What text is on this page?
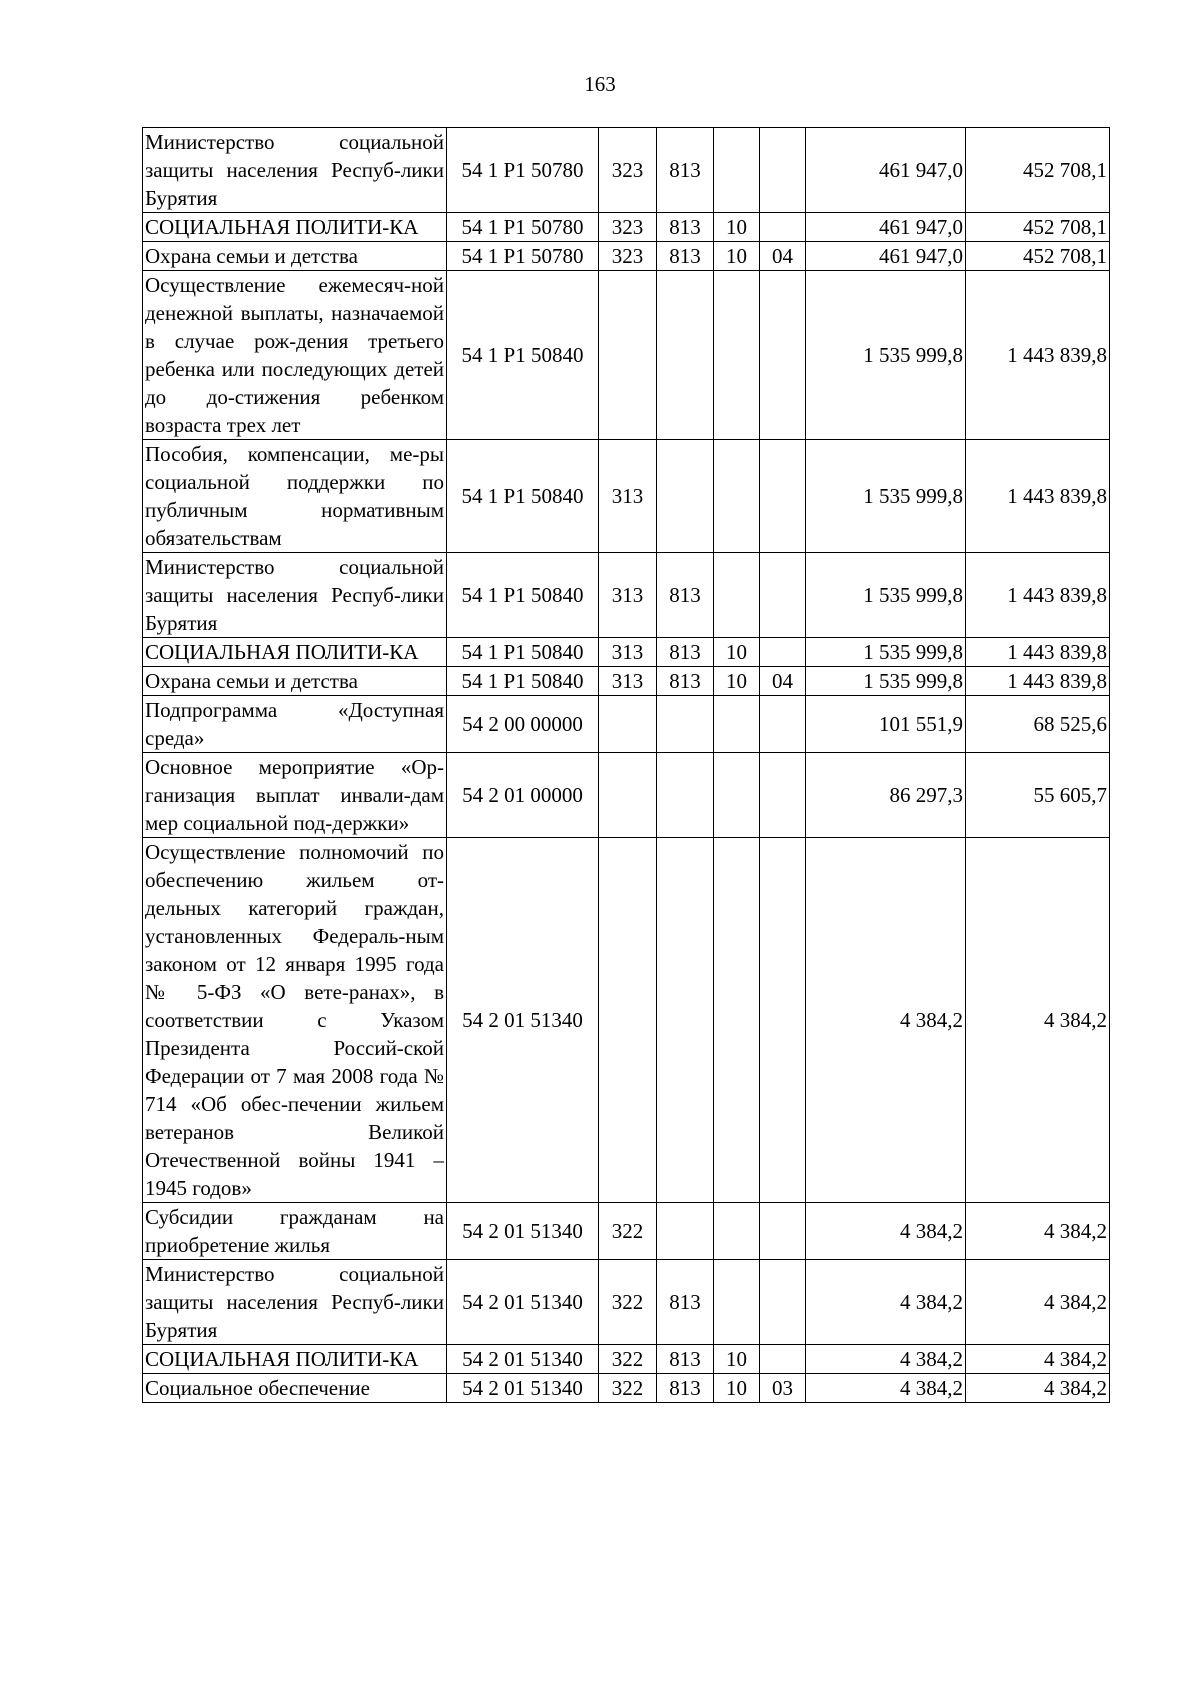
163
Министерство социальной защиты населения Респуб-лики Бурятия	54 1 P1 50780	323	813			461 947,0	452 708,1
СОЦИАЛЬНАЯ ПОЛИТИ-КА	54 1 P1 50780	323	813	10		461 947,0	452 708,1
Охрана семьи и детства	54 1 P1 50780	323	813	10	04	461 947,0	452 708,1
Осуществление ежемесяч-ной денежной выплаты, назначаемой в случае рож-дения третьего ребенка или последующих детей до до-стижения ребенком возраста трех лет	54 1 P1 50840					1 535 999,8	1 443 839,8
Пособия, компенсации, ме-ры социальной поддержки по публичным нормативным обязательствам	54 1 P1 50840	313				1 535 999,8	1 443 839,8
Министерство социальной защиты населения Респуб-лики Бурятия	54 1 P1 50840	313	813			1 535 999,8	1 443 839,8
СОЦИАЛЬНАЯ ПОЛИТИ-КА	54 1 P1 50840	313	813	10		1 535 999,8	1 443 839,8
Охрана семьи и детства	54 1 P1 50840	313	813	10	04	1 535 999,8	1 443 839,8
Подпрограмма «Доступная среда»	54 2 00 00000					101 551,9	68 525,6
Основное мероприятие «Ор-ганизация выплат инвали-дам мер социальной под-держки»	54 2 01 00000					86 297,3	55 605,7
Осуществление полномочий по обеспечению жильем от-дельных категорий граждан, установленных Федераль-ным законом от 12 января 1995 года № 5-ФЗ «О вете-ранах», в соответствии с Указом Президента Россий-ской Федерации от 7 мая 2008 года № 714 «Об обес-печении жильем ветеранов Великой Отечественной войны 1941 – 1945 годов»	54 2 01 51340					4 384,2	4 384,2
Субсидии гражданам на приобретение жилья	54 2 01 51340	322				4 384,2	4 384,2
Министерство социальной защиты населения Респуб-лики Бурятия	54 2 01 51340	322	813			4 384,2	4 384,2
СОЦИАЛЬНАЯ ПОЛИТИ-КА	54 2 01 51340	322	813	10		4 384,2	4 384,2
Социальное обеспечение	54 2 01 51340	322	813	10	03	4 384,2	4 384,2
